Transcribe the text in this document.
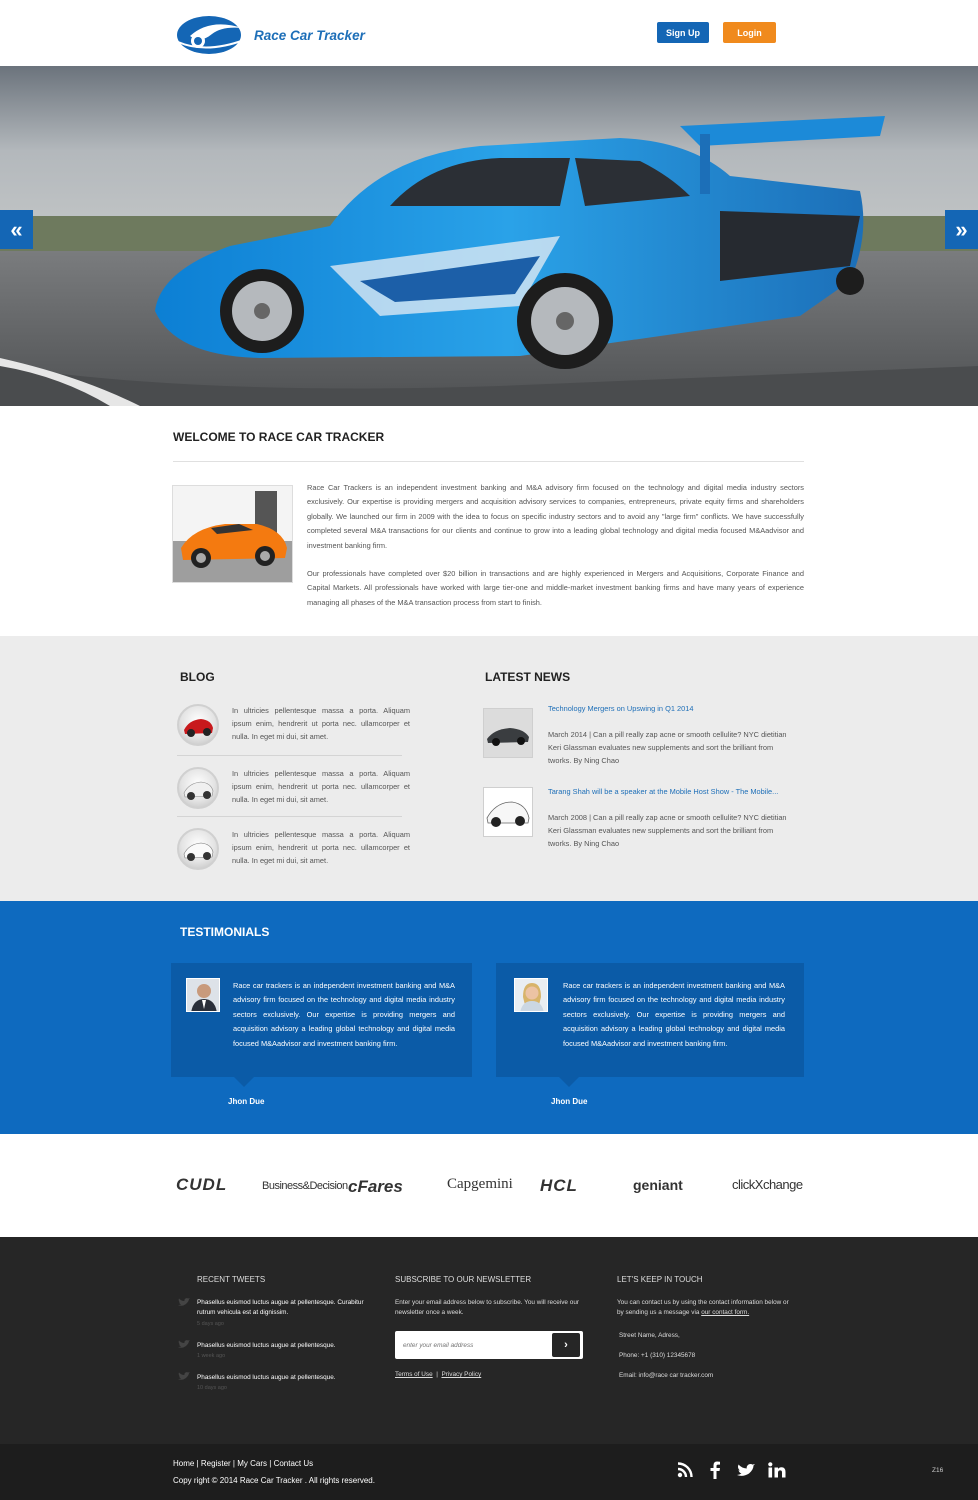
Race Car Tracker	Sign Up	Login
«	»
WELCOME TO RACE CAR TRACKER

Race Car Trackers is an independent investment banking and M&A advisory firm focused on the technology and digital media industry sectors exclusively. Our expertise is providing mergers and acquisition advisory services to companies, entrepreneurs, private equity firms and shareholders globally. We launched our firm in 2009 with the idea to focus on specific industry sectors and to avoid any "large firm" conflicts. We have successfully completed several M&A transactions for our clients and continue to grow into a leading global technology and digital media focused M&Aadvisor and investment banking firm.

Our professionals have completed over $20 billion in transactions and are highly experienced in Mergers and Acquisitions, Corporate Finance and Capital Markets. All professionals have worked with large tier-one and middle-market investment banking firms and have many years of experience managing all phases of the M&A transaction process from start to finish.

BLOG	LATEST NEWS
In ultricies pellentesque massa a porta. Aliquam ipsum enim, hendrerit ut porta nec. ullamcorper et nulla. In eget mi dui, sit amet.
In ultricies pellentesque massa a porta. Aliquam ipsum enim, hendrerit ut porta nec. ullamcorper et nulla. In eget mi dui, sit amet.
In ultricies pellentesque massa a porta. Aliquam ipsum enim, hendrerit ut porta nec. ullamcorper et nulla. In eget mi dui, sit amet.
Technology Mergers on Upswing in Q1 2014
March 2014 | Can a pill really zap acne or smooth cellulite? NYC dietitian Keri Glassman evaluates new supplements and sort the brilliant from tworks. By Ning Chao
Tarang Shah will be a speaker at the Mobile Host Show - The Mobile...
March 2008 | Can a pill really zap acne or smooth cellulite? NYC dietitian Keri Glassman evaluates new supplements and sort the brilliant from tworks. By Ning Chao
TESTIMONIALS
Race car trackers is an independent investment banking and M&A advisory firm focused on the technology and digital media industry sectors exclusively. Our expertise is providing mergers and acquisition advisory a leading global technology and digital media focused M&Aadvisor and investment banking firm.
Jhon Due
Race car trackers is an independent investment banking and M&A advisory firm focused on the technology and digital media industry sectors exclusively. Our expertise is providing mergers and acquisition advisory a leading global technology and digital media focused M&Aadvisor and investment banking firm.
Jhon Due
CUDL	Business&Decision cFares	Capgemini HCL	geniant	clickXchange
RECENT TWEETS
Phasellus euismod luctus augue at pellentesque. Curabitur rutrum vehicula est at dignissim.
5 days ago
Phasellus euismod luctus augue at pellentesque.
1 week ago
Phasellus euismod luctus augue at pellentesque.
10 days ago
SUBSCRIBE TO OUR NEWSLETTER
Enter your email address below to subscribe. You will receive our newsletter once a week.
enter your email address
›
Terms of Use | Privacy Policy
LET'S KEEP IN TOUCH
You can contact us by using the contact information below or by sending us a message via our contact form.
Street Name, Adress,
Phone: +1 (310) 12345678
Email: info@race car tracker.com
Home | Register | My Cars | Contact Us
Copy right © 2014 Race Car Tracker . All rights reserved.
Z16
